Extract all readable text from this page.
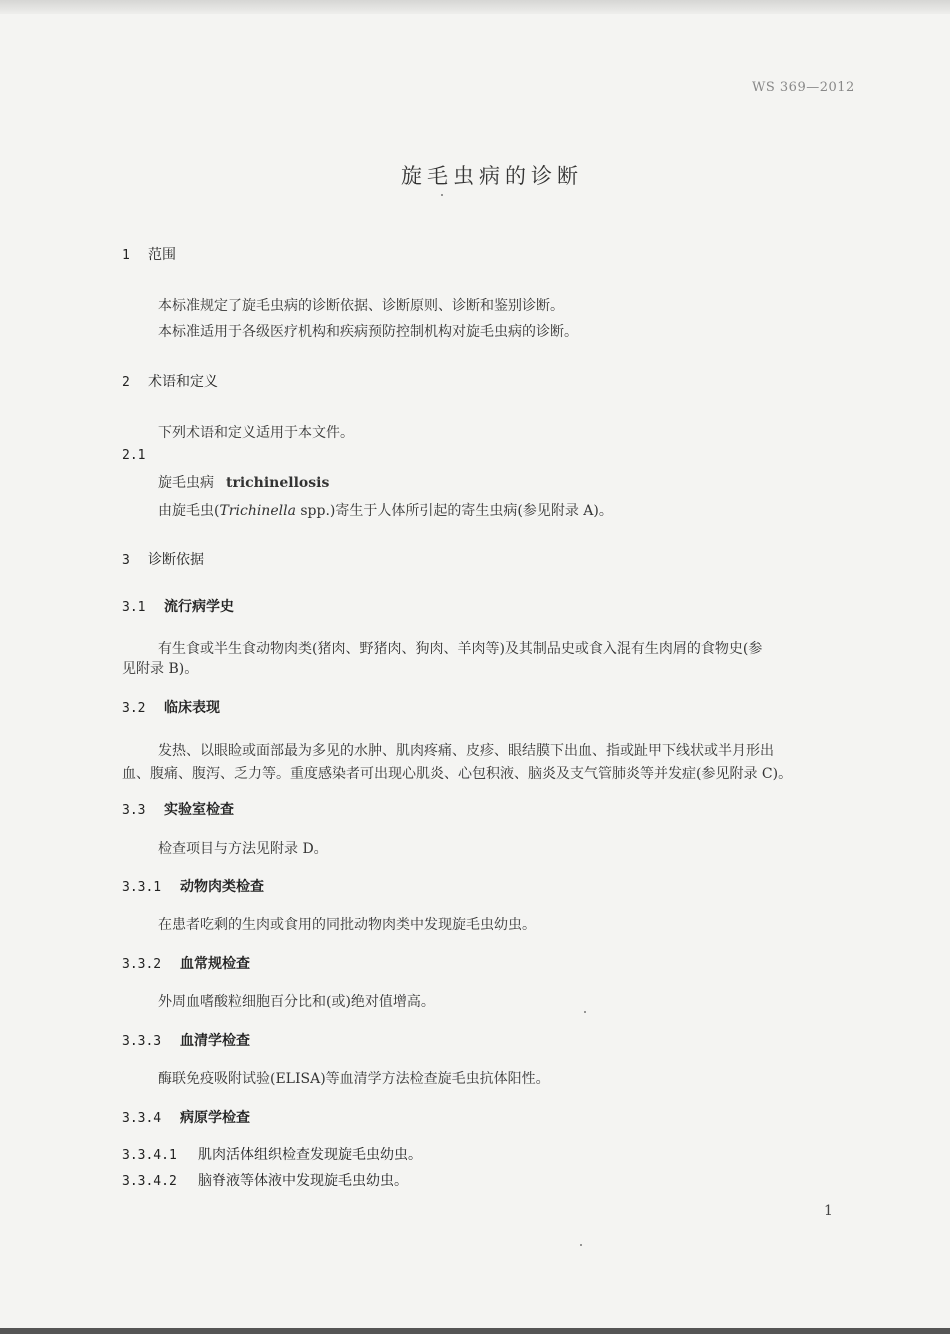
WS 369—2012
旋毛虫病的诊断
1 范围
本标准规定了旋毛虫病的诊断依据、诊断原则、诊断和鉴别诊断。
本标准适用于各级医疗机构和疾病预防控制机构对旋毛虫病的诊断。
2 术语和定义
下列术语和定义适用于本文件。
2.1
旋毛虫病 trichinellosis
由旋毛虫(Trichinella spp.)寄生于人体所引起的寄生虫病(参见附录 A)。
3 诊断依据
3.1 流行病学史
有生食或半生食动物肉类(猪肉、野猪肉、狗肉、羊肉等)及其制品史或食入混有生肉屑的食物史(参
见附录 B)。
3.2 临床表现
发热、以眼睑或面部最为多见的水肿、肌肉疼痛、皮疹、眼结膜下出血、指或趾甲下线状或半月形出
血、腹痛、腹泻、乏力等。重度感染者可出现心肌炎、心包积液、脑炎及支气管肺炎等并发症(参见附录 C)。
3.3 实验室检查
检查项目与方法见附录 D。
3.3.1 动物肉类检查
在患者吃剩的生肉或食用的同批动物肉类中发现旋毛虫幼虫。
3.3.2 血常规检查
外周血嗜酸粒细胞百分比和(或)绝对值增高。
3.3.3 血清学检查
酶联免疫吸附试验(ELISA)等血清学方法检查旋毛虫抗体阳性。
3.3.4 病原学检查
3.3.4.1 肌肉活体组织检查发现旋毛虫幼虫。
3.3.4.2 脑脊液等体液中发现旋毛虫幼虫。
1
